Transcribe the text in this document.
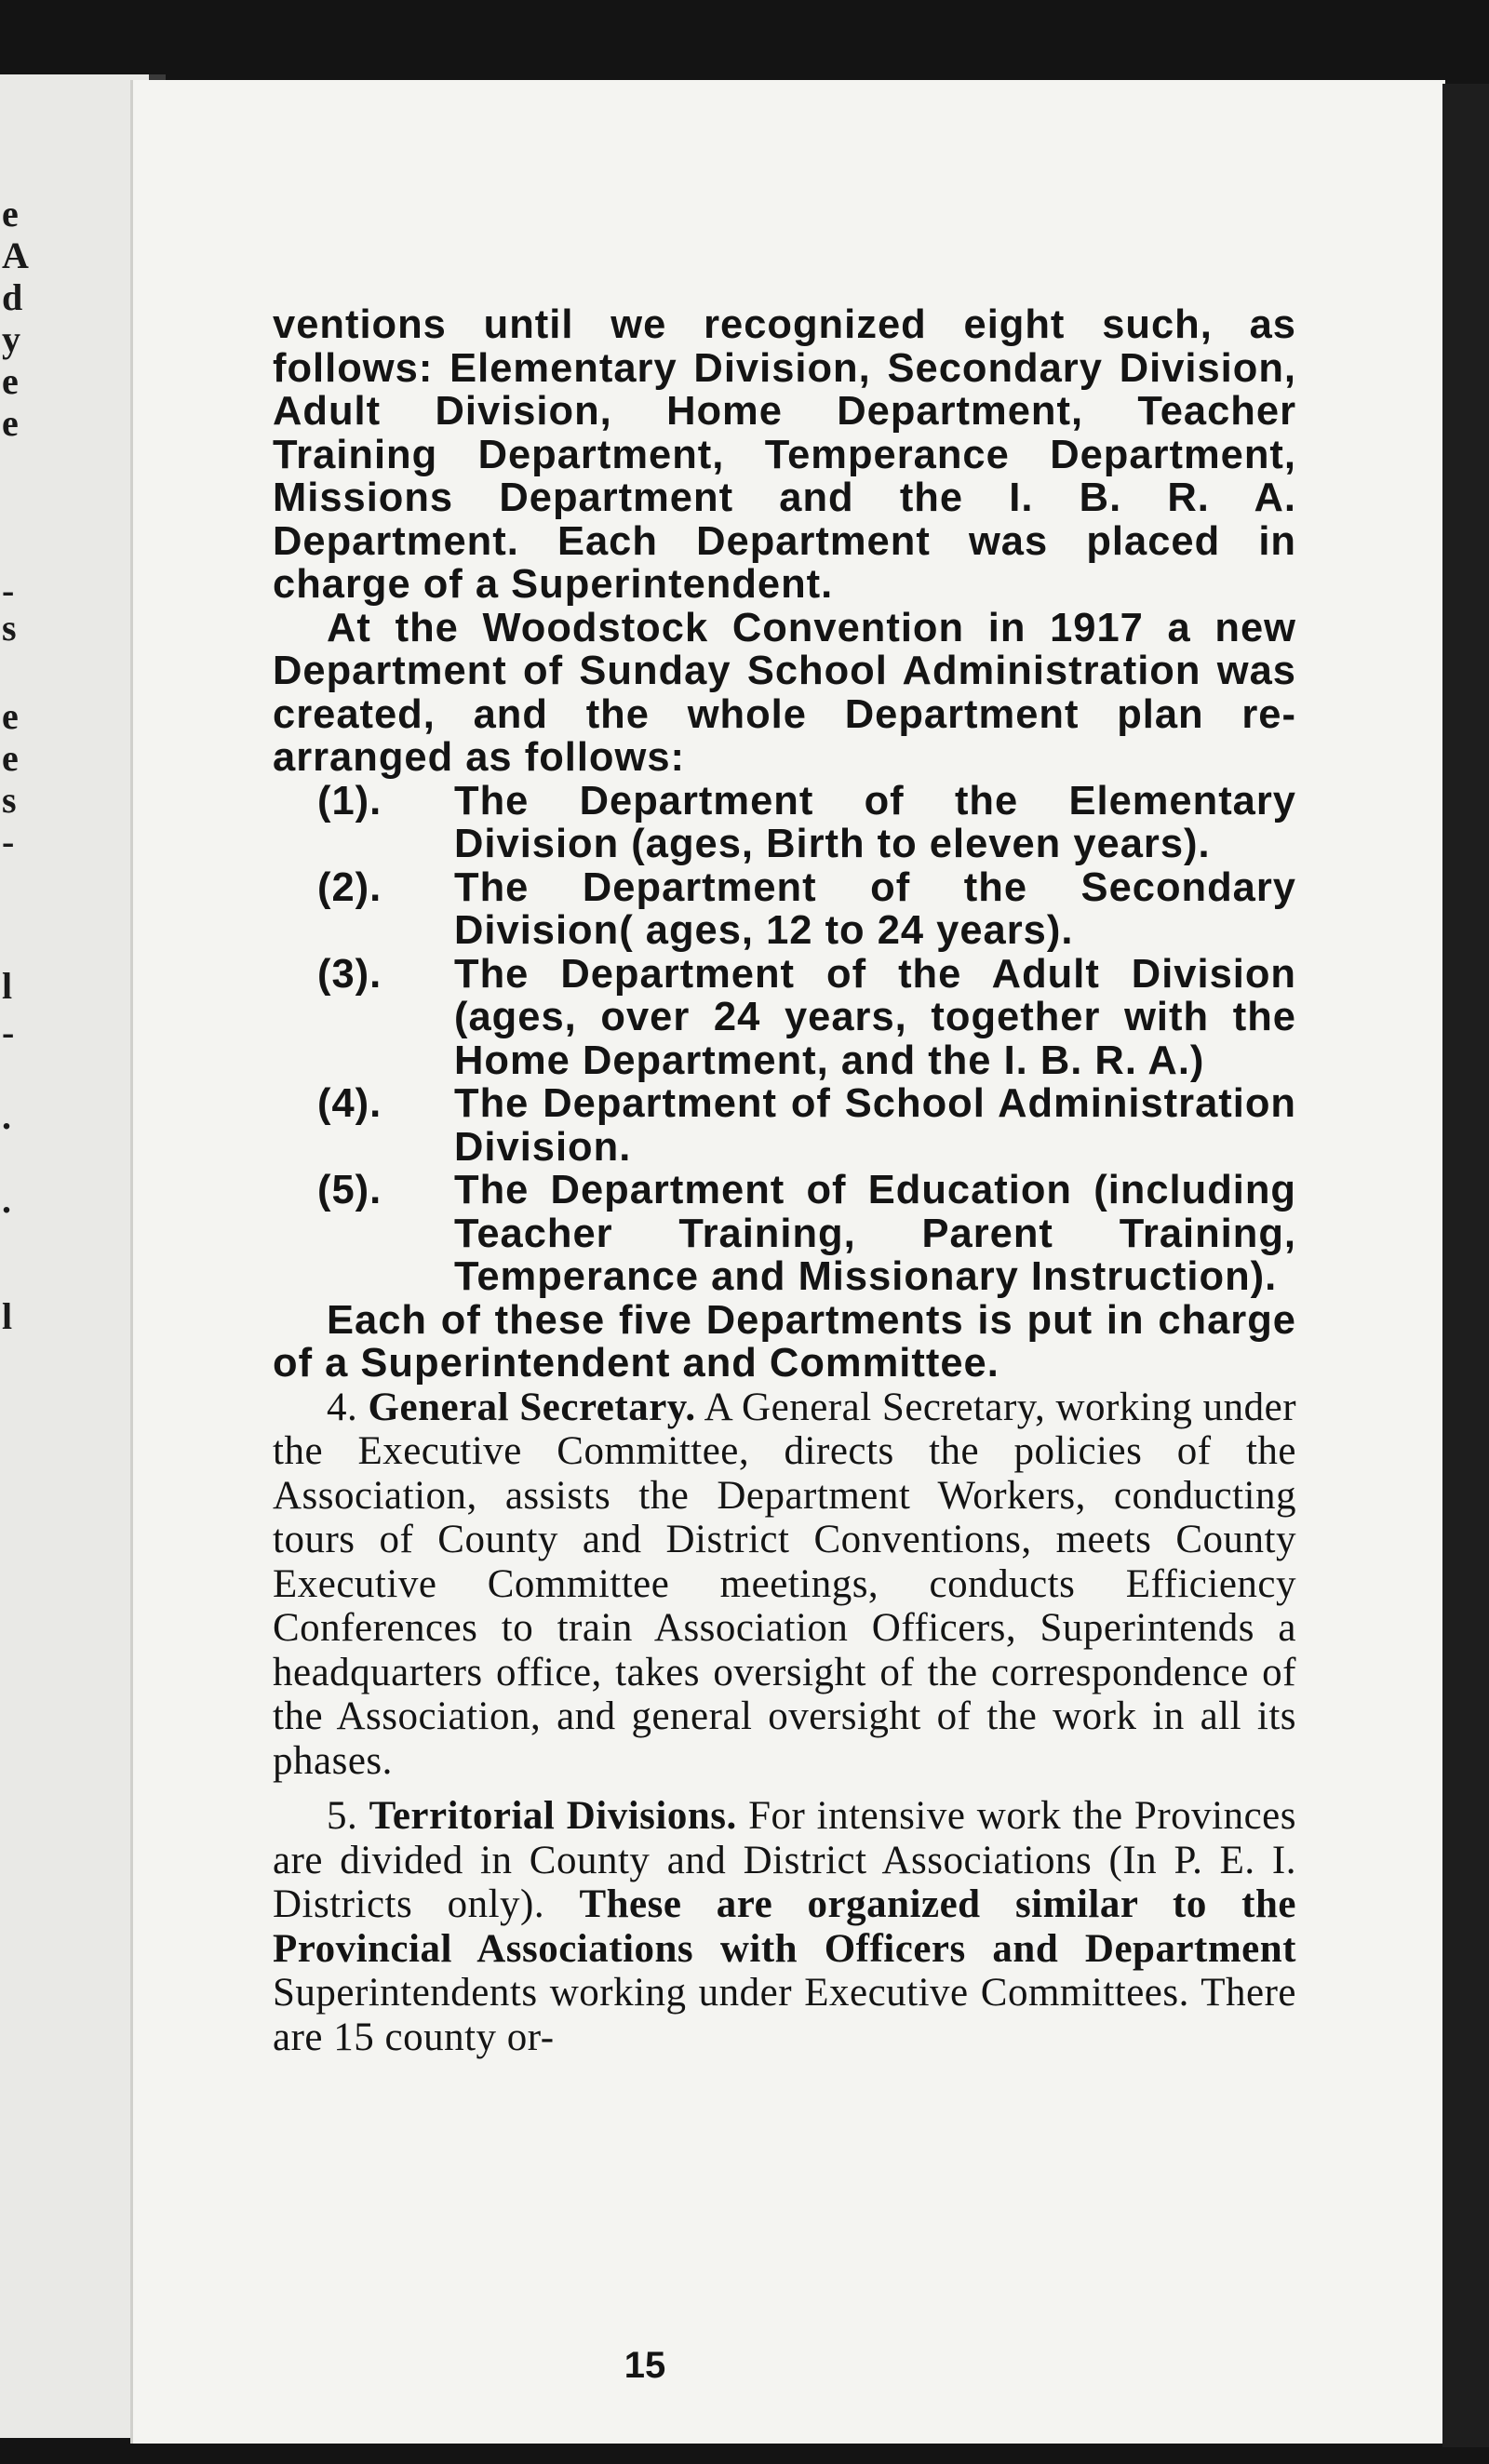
e
A
d
y
e
e
-
s
e
e
s
-
l
-
.
.
l

ventions until we recognized eight such, as follows: Elementary Division, Secondary Division, Adult Division, Home Department, Teacher Training Department, Temperance Department, Missions Department and the I. B. R. A. Department. Each Department was placed in charge of a Superintendent.

At the Woodstock Convention in 1917 a new Department of Sunday School Administration was created, and the whole Department plan re-arranged as follows:

(1). The Department of the Elementary Division (ages, Birth to eleven years).
(2). The Department of the Secondary Division( ages, 12 to 24 years).
(3). The Department of the Adult Division (ages, over 24 years, together with the Home Department, and the I. B. R. A.)
(4). The Department of School Administration Division.
(5). The Department of Education (including Teacher Training, Parent Training, Temperance and Missionary Instruction).

Each of these five Departments is put in charge of a Superintendent and Committee.

4. General Secretary. A General Secretary, working under the Executive Committee, directs the policies of the Association, assists the Department Workers, conducting tours of County and District Conventions, meets County Executive Committee meetings, conducts Efficiency Conferences to train Association Officers, Superintends a headquarters office, takes oversight of the correspondence of the Association, and general oversight of the work in all its phases.

5. Territorial Divisions. For intensive work the Provinces are divided in County and District Associations (In P. E. I. Districts only). These are organized similar to the Provincial Associations with Officers and Department Superintendents working under Executive Committees. There are 15 county or-

15
